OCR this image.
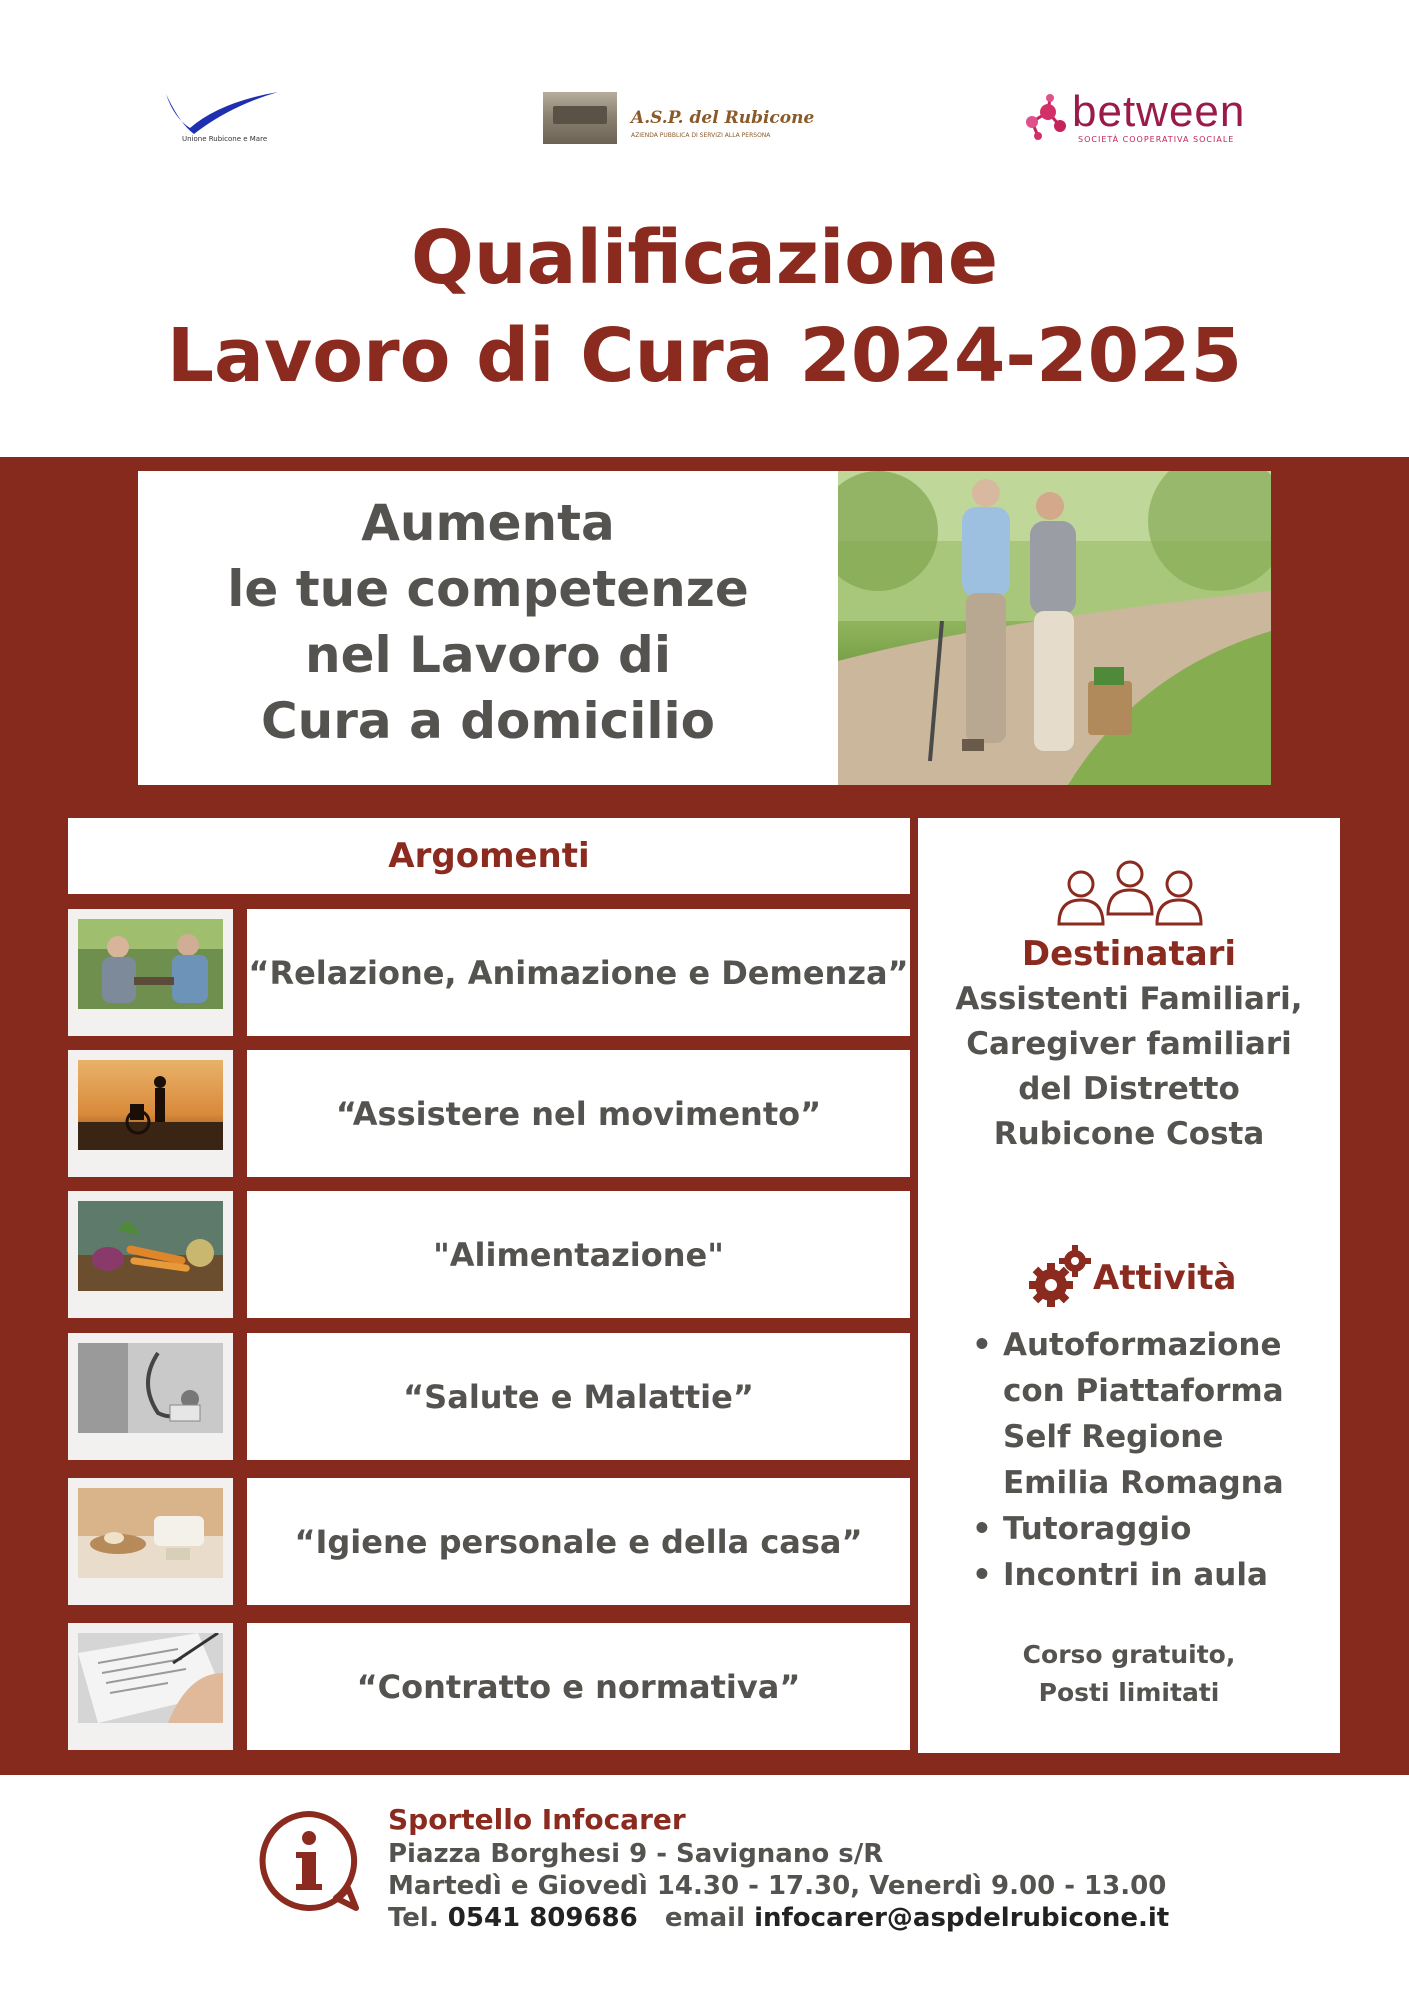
Unione Rubicone e Mare
A.S.P. del Rubicone
AZIENDA PUBBLICA DI SERVIZI ALLA PERSONA	between
SOCIETÀ COOPERATIVA SOCIALE
Qualificazione
Lavoro di Cura 2024-2025
Aumenta
le tue competenze
nel Lavoro di
Cura a domicilio
Argomenti
“Relazione, Animazione e Demenza”
“Assistere nel movimento”
"Alimentazione"
“Salute e Malattie”
“Igiene personale e della casa”
“Contratto e normativa”
Destinatari
Assistenti Familiari,
Caregiver familiari
del Distretto
Rubicone Costa
Attività
• Autoformazione con Piattaforma Self Regione Emilia Romagna
• Tutoraggio
• Incontri in aula
Corso gratuito,
Posti limitati
Sportello Infocarer
Piazza Borghesi 9 - Savignano s/R
Martedì e Giovedì 14.30 - 17.30, Venerdì 9.00 - 13.00
Tel. 0541 809686 email infocarer@aspdelrubicone.it
